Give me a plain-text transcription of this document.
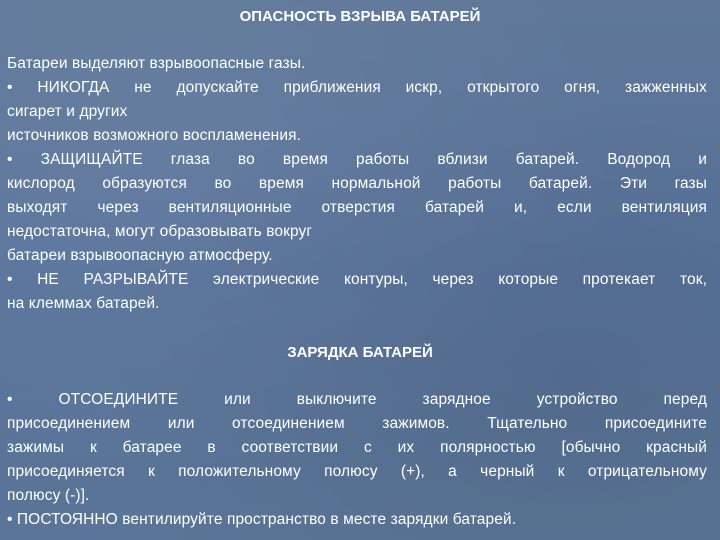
ОПАСНОСТЬ ВЗРЫВА БАТАРЕЙ
Батареи выделяют взрывоопасные газы.
• НИКОГДА не допускайте приближения искр, открытого огня, зажженных
сигарет и других
источников возможного воспламенения.
• ЗАЩИЩАЙТЕ глаза во время работы вблизи батарей. Водород и
кислород образуются во время нормальной работы батарей. Эти газы
выходят через вентиляционные отверстия батарей и, если вентиляция
недостаточна, могут образовывать вокруг
батареи взрывоопасную атмосферу.
• НЕ РАЗРЫВАЙТЕ электрические контуры, через которые протекает ток,
на клеммах батарей.
ЗАРЯДКА БАТАРЕЙ
• ОТСОЕДИНИТЕ или выключите зарядное устройство перед
присоединением или отсоединением зажимов. Тщательно присоедините
зажимы к батарее в соответствии с их полярностью [обычно красный
присоединяется к положительному полюсу (+), а черный к отрицательному
полюсу (-)].
• ПОСТОЯННО вентилируйте пространство в месте зарядки батарей.
